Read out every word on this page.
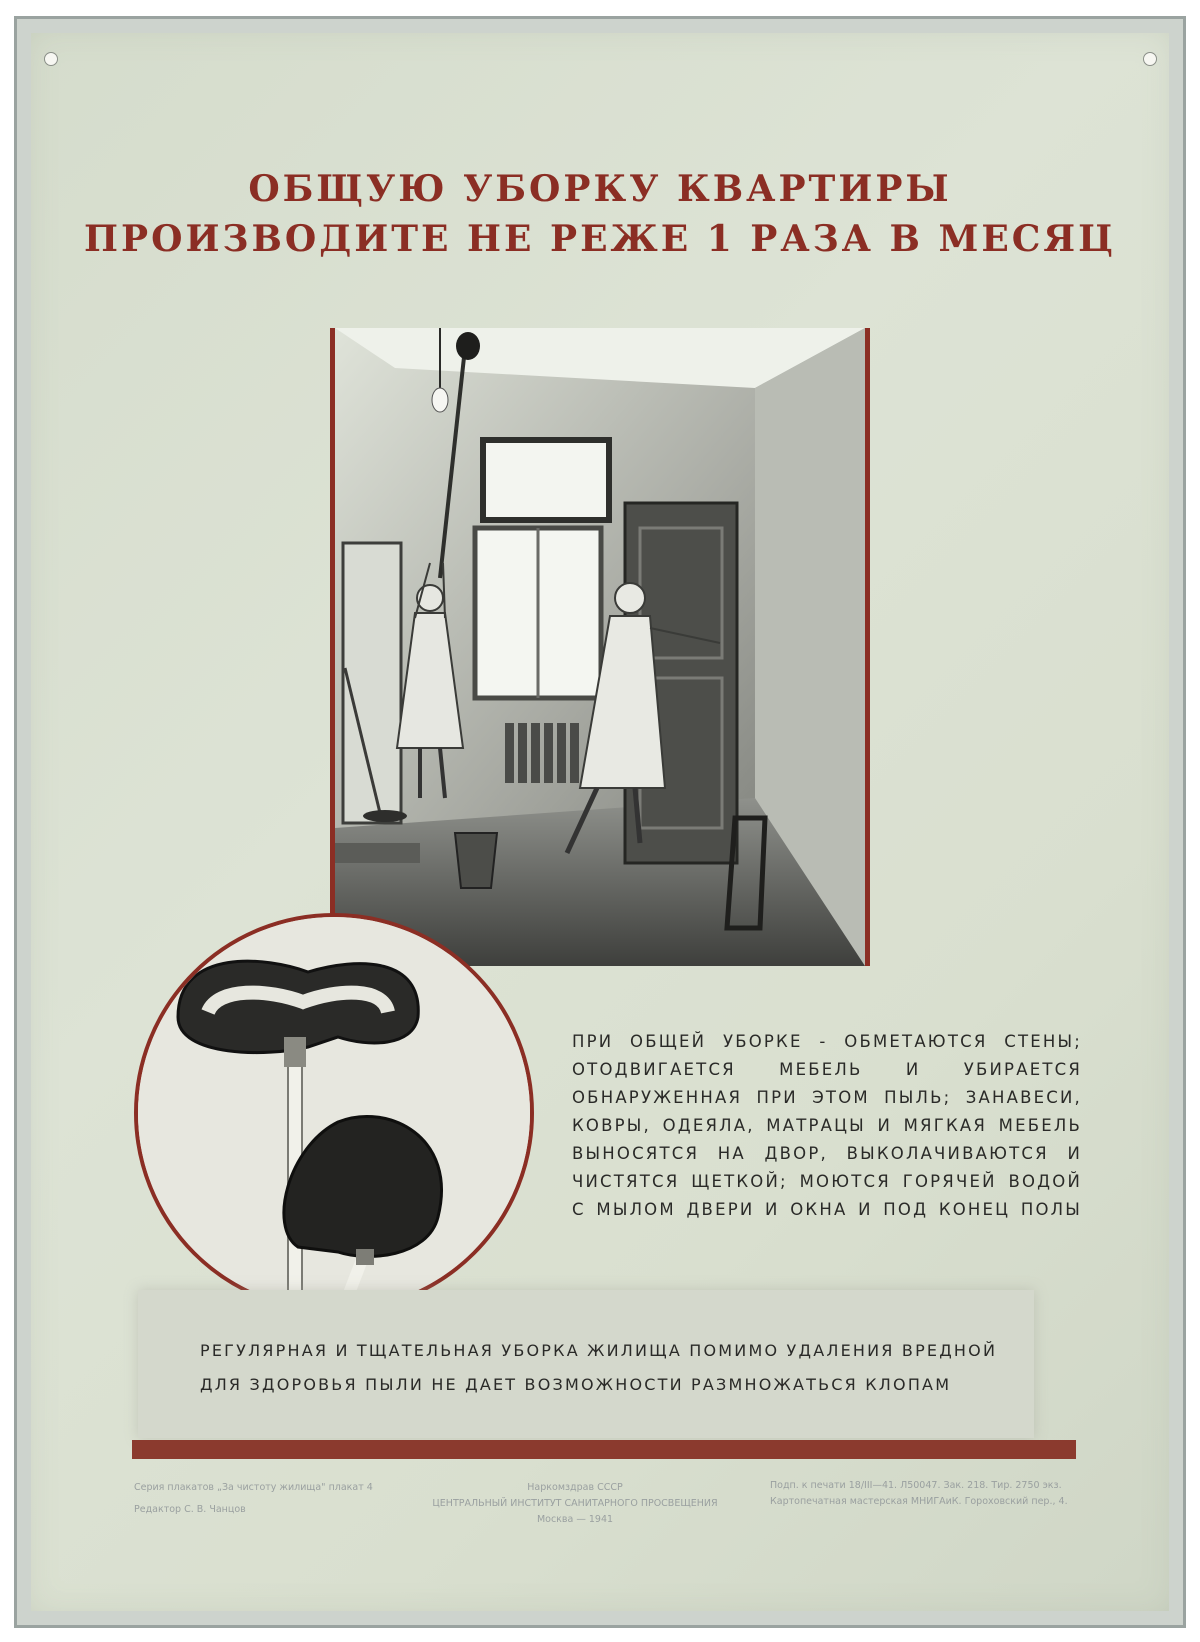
ОБЩУЮ УБОРКУ КВАРТИРЫ
ПРОИЗВОДИТЕ НЕ РЕЖЕ 1 РАЗА В МЕСЯЦ
ПРИ ОБЩЕЙ УБОРКЕ - ОБМЕТАЮТСЯ СТЕНЫ;
ОТОДВИГАЕТСЯ МЕБЕЛЬ И УБИРАЕТСЯ
ОБНАРУЖЕННАЯ ПРИ ЭТОМ ПЫЛЬ; ЗАНАВЕСИ,
КОВРЫ, ОДЕЯЛА, МАТРАЦЫ И МЯГКАЯ МЕБЕЛЬ
ВЫНОСЯТСЯ НА ДВОР, ВЫКОЛАЧИВАЮТСЯ И
ЧИСТЯТСЯ ЩЕТКОЙ; МОЮТСЯ ГОРЯЧЕЙ ВОДОЙ
С МЫЛОМ ДВЕРИ И ОКНА И ПОД КОНЕЦ ПОЛЫ
РЕГУЛЯРНАЯ И ТЩАТЕЛЬНАЯ УБОРКА ЖИЛИЩА ПОМИМО УДАЛЕНИЯ ВРЕДНОЙ
ДЛЯ ЗДОРОВЬЯ ПЫЛИ НЕ ДАЕТ ВОЗМОЖНОСТИ РАЗМНОЖАТЬСЯ КЛОПАМ
Серия плакатов „За чистоту жилища" плакат 4
Редактор С. В. Чанцов
Наркомздрав СССР
ЦЕНТРАЛЬНЫЙ ИНСТИТУТ САНИТАРНОГО ПРОСВЕЩЕНИЯ
Москва — 1941
Подп. к печати 18/III—41. Л50047. Зак. 218. Тир. 2750 экз.
Картопечатная мастерская МНИГАиК. Гороховский пер., 4.
